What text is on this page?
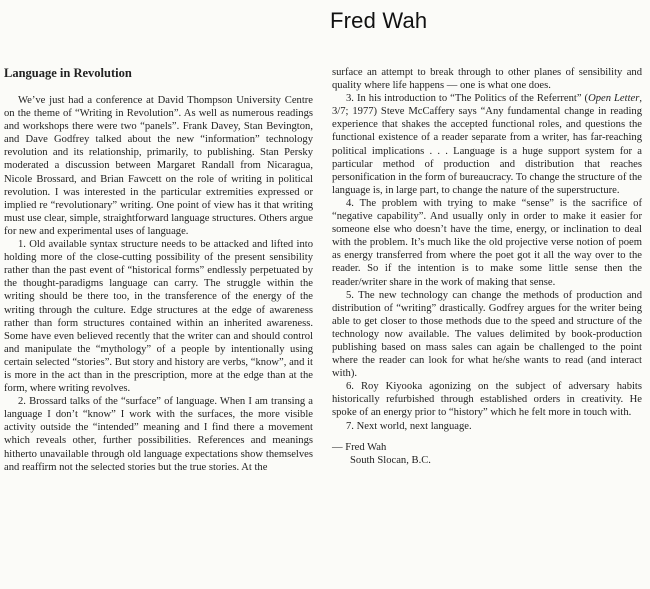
Fred Wah
Language in Revolution

We’ve just had a conference at David Thompson University Centre on the theme of “Writing in Revolution”. As well as numerous readings and workshops there were two “panels”. Frank Davey, Stan Bevington, and Dave Godfrey talked about the new “information” technology revolution and its relationship, primarily, to publishing. Stan Persky moderated a discussion between Margaret Randall from Nicaragua, Nicole Brossard, and Brian Fawcett on the role of writing in political revolution. I was interested in the particular extremities expressed or implied re “revolutionary” writing. One point of view has it that writing must use clear, simple, straightforward language structures. Others argue for new and experimental uses of language.

1. Old available syntax structure needs to be attacked and lifted into holding more of the close-cutting possibility of the present sensibility rather than the past event of “historical forms” endlessly perpetuated by the thought-paradigms language can carry. The struggle within the writing should be there too, in the transference of the energy of the writing through the culture. Edge structures at the edge of awareness rather than form structures contained within an inherited awareness. Some have even believed recently that the writer can and should control and manipulate the “mythology” of a people by intentionally using certain selected “stories”. But story and history are verbs, “know”, and it is more in the act than in the prescription, more at the edge than at the form, where writing revolves.

2. Brossard talks of the “surface” of language. When I am transing a language I don’t “know” I work with the surfaces, the more visible activity outside the “intended” meaning and I find there a movement which reveals other, further possibilities. References and meanings hitherto unavailable through old language expectations show themselves and reaffirm not the selected stories but the true stories. At the

surface an attempt to break through to other planes of sensibility and quality where life happens — one is what one does.

3. In his introduction to “The Politics of the Referrent” (Open Letter, 3/7; 1977) Steve McCaffery says “Any fundamental change in reading experience that shakes the accepted functional roles, and questions the functional existence of a reader separate from a writer, has far-reaching political implications . . . Language is a huge support system for a particular method of production and distribution that reaches personification in the form of bureaucracy. To change the structure of the language is, in large part, to change the nature of the superstructure.

4. The problem with trying to make “sense” is the sacrifice of “negative capability”. And usually only in order to make it easier for someone else who doesn’t have the time, energy, or inclination to deal with the problem. It’s much like the old projective verse notion of poem as energy transferred from where the poet got it all the way over to the reader. So if the intention is to make some little sense then the reader/writer share in the work of making that sense.

5. The new technology can change the methods of production and distribution of “writing” drastically. Godfrey argues for the writer being able to get closer to those methods due to the speed and structure of the technology now available. The values delimited by book-production publishing based on mass sales can again be challenged to the point where the reader can look for what he/she wants to read (and interact with).

6. Roy Kiyooka agonizing on the subject of adversary habits historically refurbished through established orders in creativity. He spoke of an energy prior to “history” which he felt more in touch with.

7. Next world, next language.

— Fred Wah
South Slocan, B.C.
